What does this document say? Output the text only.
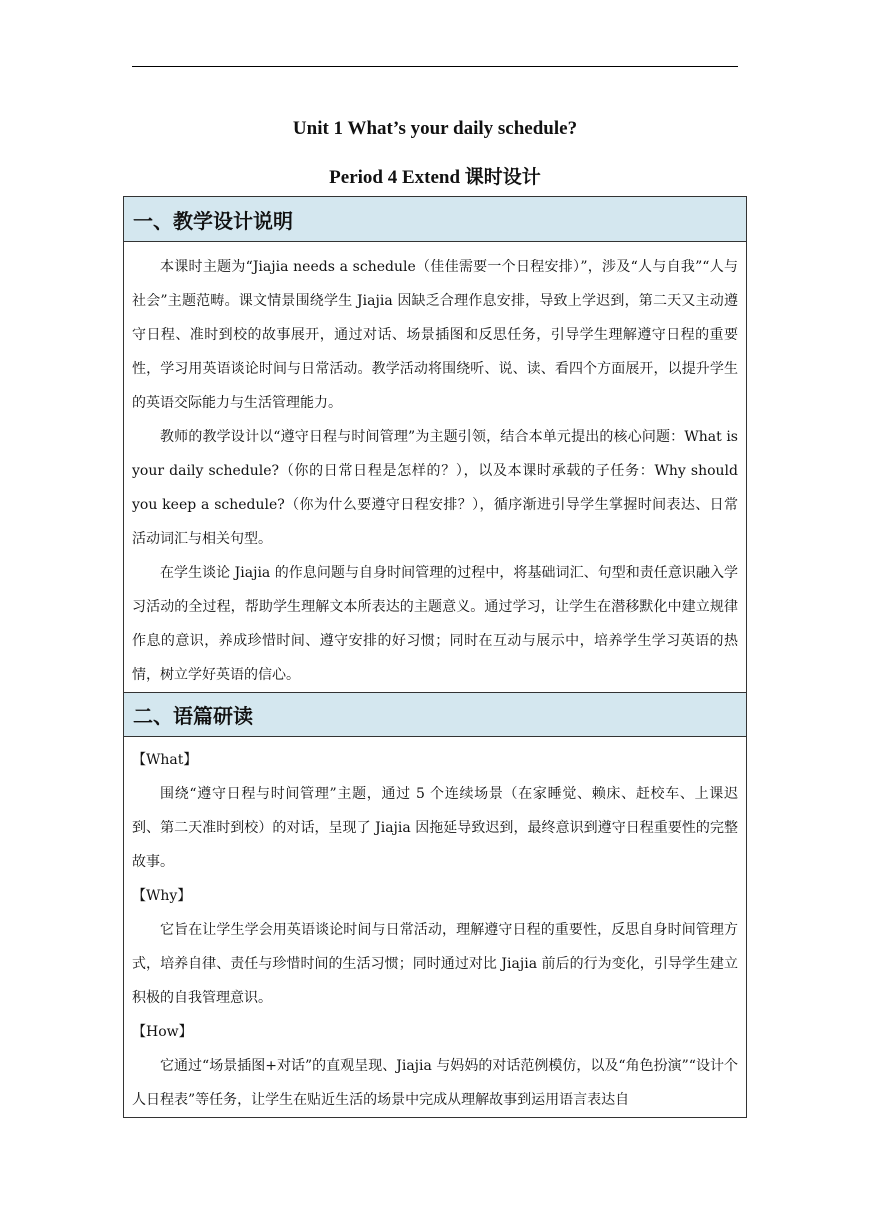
Unit 1 What’s your daily schedule?
Period 4 Extend 课时设计
一、教学设计说明

本课时主题为“Jiajia needs a schedule（佳佳需要一个日程安排）”，涉及“人与自我”“人与社会”主题范畴。课文情景围绕学生 Jiajia 因缺乏合理作息安排，导致上学迟到，第二天又主动遵守日程、准时到校的故事展开，通过对话、场景插图和反思任务，引导学生理解遵守日程的重要性，学习用英语谈论时间与日常活动。教学活动将围绕听、说、读、看四个方面展开，以提升学生的英语交际能力与生活管理能力。

教师的教学设计以“遵守日程与时间管理”为主题引领，结合本单元提出的核心问题：What is your daily schedule?（你的日常日程是怎样的？），以及本课时承载的子任务：Why should you keep a schedule?（你为什么要遵守日程安排？），循序渐进引导学生掌握时间表达、日常活动词汇与相关句型。

在学生谈论 Jiajia 的作息问题与自身时间管理的过程中，将基础词汇、句型和责任意识融入学习活动的全过程，帮助学生理解文本所表达的主题意义。通过学习，让学生在潜移默化中建立规律作息的意识，养成珍惜时间、遵守安排的好习惯；同时在互动与展示中，培养学生学习英语的热情，树立学好英语的信心。

二、语篇研读

【What】

围绕“遵守日程与时间管理”主题，通过 5 个连续场景（在家睡觉、赖床、赶校车、上课迟到、第二天准时到校）的对话，呈现了 Jiajia 因拖延导致迟到，最终意识到遵守日程重要性的完整故事。

【Why】

它旨在让学生学会用英语谈论时间与日常活动，理解遵守日程的重要性，反思自身时间管理方式，培养自律、责任与珍惜时间的生活习惯；同时通过对比 Jiajia 前后的行为变化，引导学生建立积极的自我管理意识。

【How】

它通过“场景插图+对话”的直观呈现、Jiajia 与妈妈的对话范例模仿，以及“角色扮演”“设计个人日程表”等任务，让学生在贴近生活的场景中完成从理解故事到运用语言表达自
